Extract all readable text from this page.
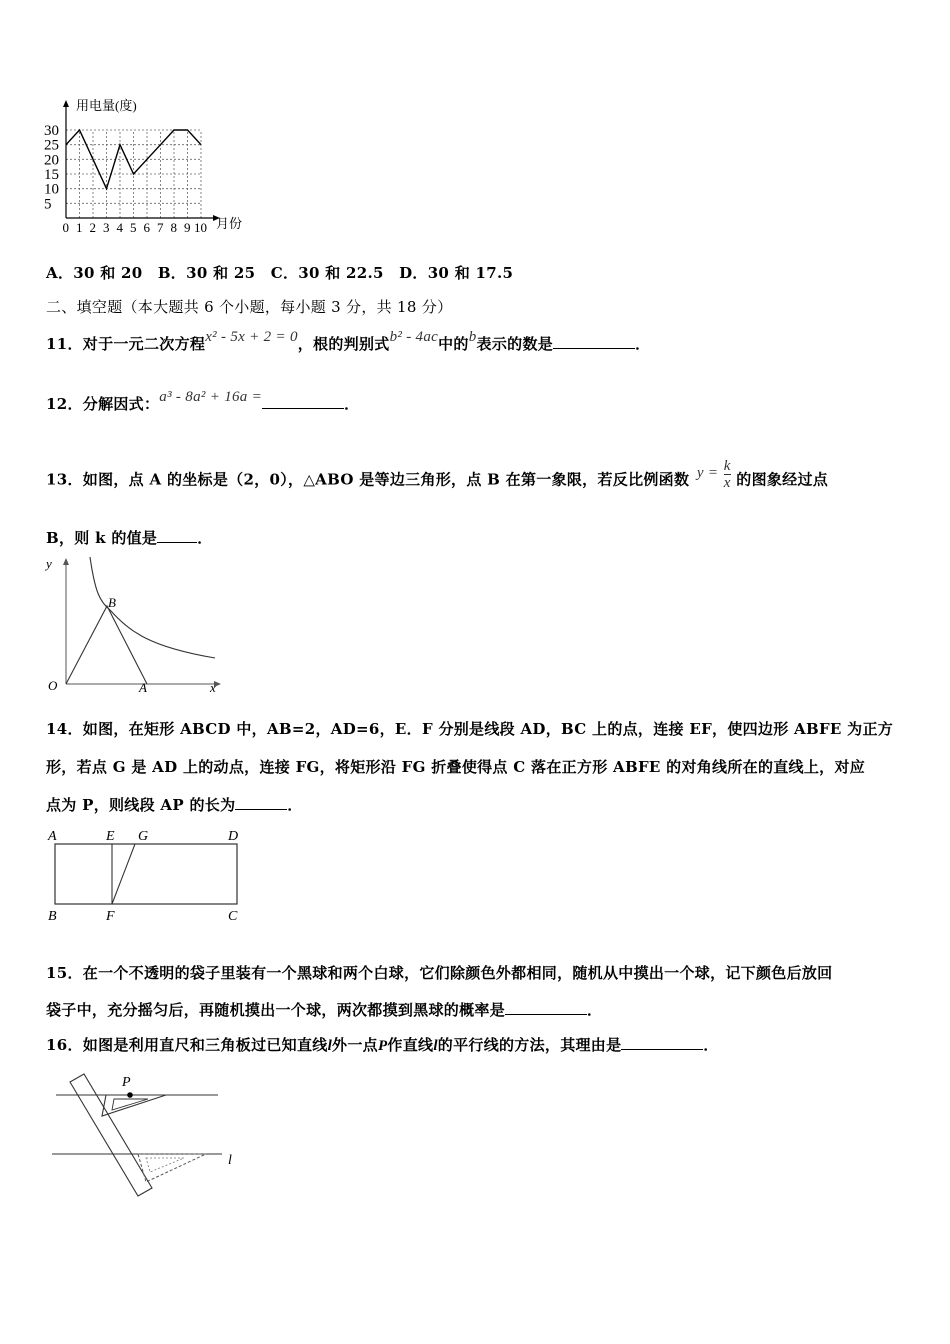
用电量(度)
月份
5
10
15
20
25
30
0 1 2 3 4 5 6 7 8 9 10
A．30 和 20　B．30 和 25　C．30 和 22.5　D．30 和 17.5
二、填空题（本大题共 6 个小题，每小题 3 分，共 18 分）
11．对于一元二次方程x² - 5x + 2 = 0，根的判别式b² - 4ac中的b表示的数是	．
12．分解因式：a³ - 8a² + 16a =	．
13．如图，点 A 的坐标是（2，0），△ABO 是等边三角形，点 B 在第一象限，若反比例函数 $y = \frac{k}{x}$ 的图象经过点
B，则 k 的值是	．
y
x
O	A
B
14．如图，在矩形 ABCD 中，AB=2，AD=6，E．F 分别是线段 AD，BC 上的点，连接 EF，使四边形 ABFE 为正方
形，若点 G 是 AD 上的动点，连接 FG，将矩形沿 FG 折叠使得点 C 落在正方形 ABFE 的对角线所在的直线上，对应
点为 P，则线段 AP 的长为	．
A	E G	D
B	F	C
15．在一个不透明的袋子里装有一个黑球和两个白球，它们除颜色外都相同，随机从中摸出一个球，记下颜色后放回
袋子中，充分摇匀后，再随机摸出一个球，两次都摸到黑球的概率是	．
16．如图是利用直尺和三角板过已知直线l外一点P作直线l的平行线的方法，其理由是	．
P
l
